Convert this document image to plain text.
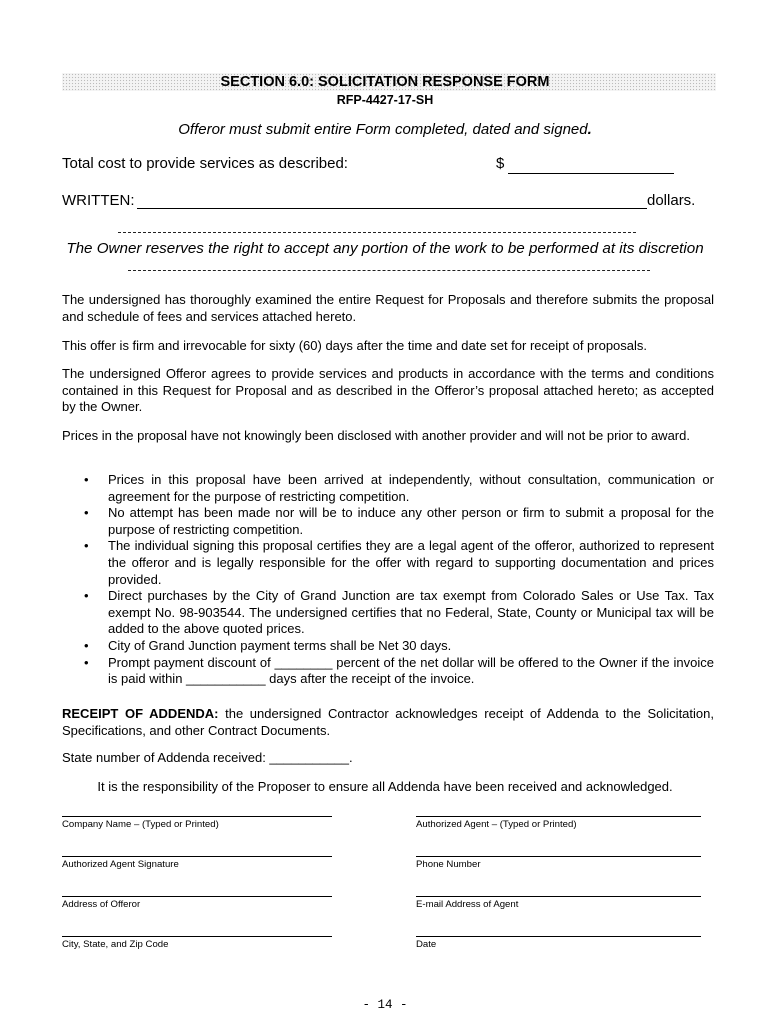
SECTION 6.0: SOLICITATION RESPONSE FORM
RFP-4427-17-SH
Offeror must submit entire Form completed, dated and signed.
Total cost to provide services as described:	$
WRITTEN:	dollars.
The Owner reserves the right to accept any portion of the work to be performed at its discretion
The undersigned has thoroughly examined the entire Request for Proposals and therefore submits the proposal and schedule of fees and services attached hereto.
This offer is firm and irrevocable for sixty (60) days after the time and date set for receipt of proposals.
The undersigned Offeror agrees to provide services and products in accordance with the terms and conditions contained in this Request for Proposal and as described in the Offeror’s proposal attached hereto; as accepted by the Owner.
Prices in the proposal have not knowingly been disclosed with another provider and will not be prior to award.
• Prices in this proposal have been arrived at independently, without consultation, communication or agreement for the purpose of restricting competition.
• No attempt has been made nor will be to induce any other person or firm to submit a proposal for the purpose of restricting competition.
• The individual signing this proposal certifies they are a legal agent of the offeror, authorized to represent the offeror and is legally responsible for the offer with regard to supporting documentation and prices provided.
• Direct purchases by the City of Grand Junction are tax exempt from Colorado Sales or Use Tax. Tax exempt No. 98-903544. The undersigned certifies that no Federal, State, County or Municipal tax will be added to the above quoted prices.
• City of Grand Junction payment terms shall be Net 30 days.
• Prompt payment discount of ________ percent of the net dollar will be offered to the Owner if the invoice is paid within ___________ days after the receipt of the invoice.
RECEIPT OF ADDENDA: the undersigned Contractor acknowledges receipt of Addenda to the Solicitation, Specifications, and other Contract Documents.
State number of Addenda received: ___________.
It is the responsibility of the Proposer to ensure all Addenda have been received and acknowledged.
Company Name – (Typed or Printed)	Authorized Agent – (Typed or Printed)
Authorized Agent Signature	Phone Number
Address of Offeror	E-mail Address of Agent
City, State, and Zip Code	Date
- 14 -
